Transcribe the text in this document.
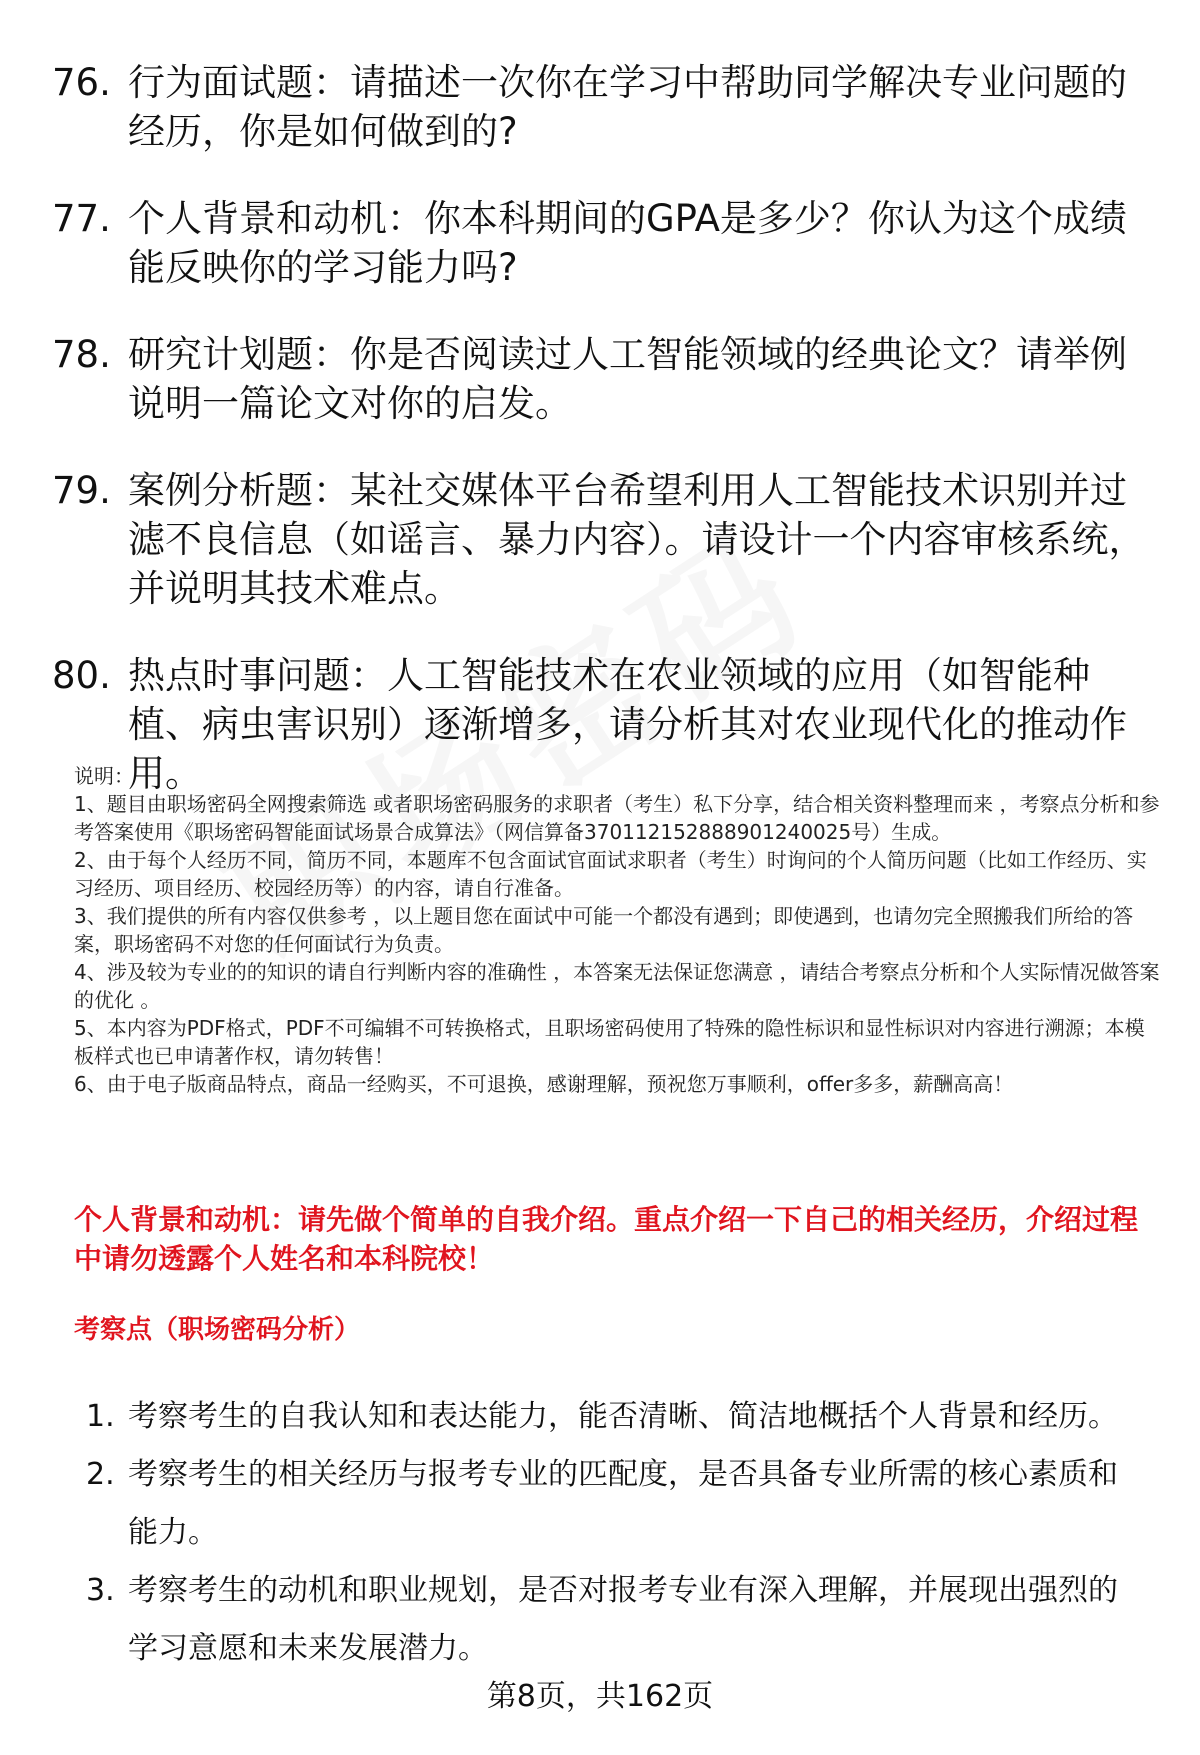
76. 行为面试题：请描述一次你在学习中帮助同学解决专业问题的经历，你是如何做到的?
77. 个人背景和动机：你本科期间的GPA是多少？你认为这个成绩能反映你的学习能力吗?
78. 研究计划题：你是否阅读过人工智能领域的经典论文？请举例说明一篇论文对你的启发。
79. 案例分析题：某社交媒体平台希望利用人工智能技术识别并过滤不良信息（如谣言、暴力内容）。请设计一个内容审核系统，并说明其技术难点。
80. 热点时事问题：人工智能技术在农业领域的应用（如智能种植、病虫害识别）逐渐增多，请分析其对农业现代化的推动作用。

说明：

1、题目由职场密码全网搜索筛选 或者职场密码服务的求职者（考生）私下分享，结合相关资料整理而来 ，考察点分析和参考答案使用《职场密码智能面试场景合成算法》（网信算备370112152888901240025号）生成。

2、由于每个人经历不同，简历不同，本题库不包含面试官面试求职者（考生）时询问的个人简历问题（比如工作经历、实习经历、项目经历、校园经历等）的内容，请自行准备。

3、我们提供的所有内容仅供参考 ，以上题目您在面试中可能一个都没有遇到；即使遇到，也请勿完全照搬我们所给的答案，职场密码不对您的任何面试行为负责。

4、涉及较为专业的的知识的请自行判断内容的准确性 ，本答案无法保证您满意 ，请结合考察点分析和个人实际情况做答案的优化 。

5、本内容为PDF格式，PDF不可编辑不可转换格式，且职场密码使用了特殊的隐性标识和显性标识对内容进行溯源；本模板样式也已申请著作权，请勿转售！

6、由于电子版商品特点，商品一经购买，不可退换，感谢理解，预祝您万事顺利，offer多多，薪酬高高！

个人背景和动机：请先做个简单的自我介绍。重点介绍一下自己的相关经历，介绍过程中请勿透露个人姓名和本科院校！
考察点（职场密码分析）
1. 考察考生的自我认知和表达能力，能否清晰、简洁地概括个人背景和经历。
2. 考察考生的相关经历与报考专业的匹配度，是否具备专业所需的核心素质和能力。
3. 考察考生的动机和职业规划，是否对报考专业有深入理解，并展现出强烈的学习意愿和未来发展潜力。
第8页，共162页
